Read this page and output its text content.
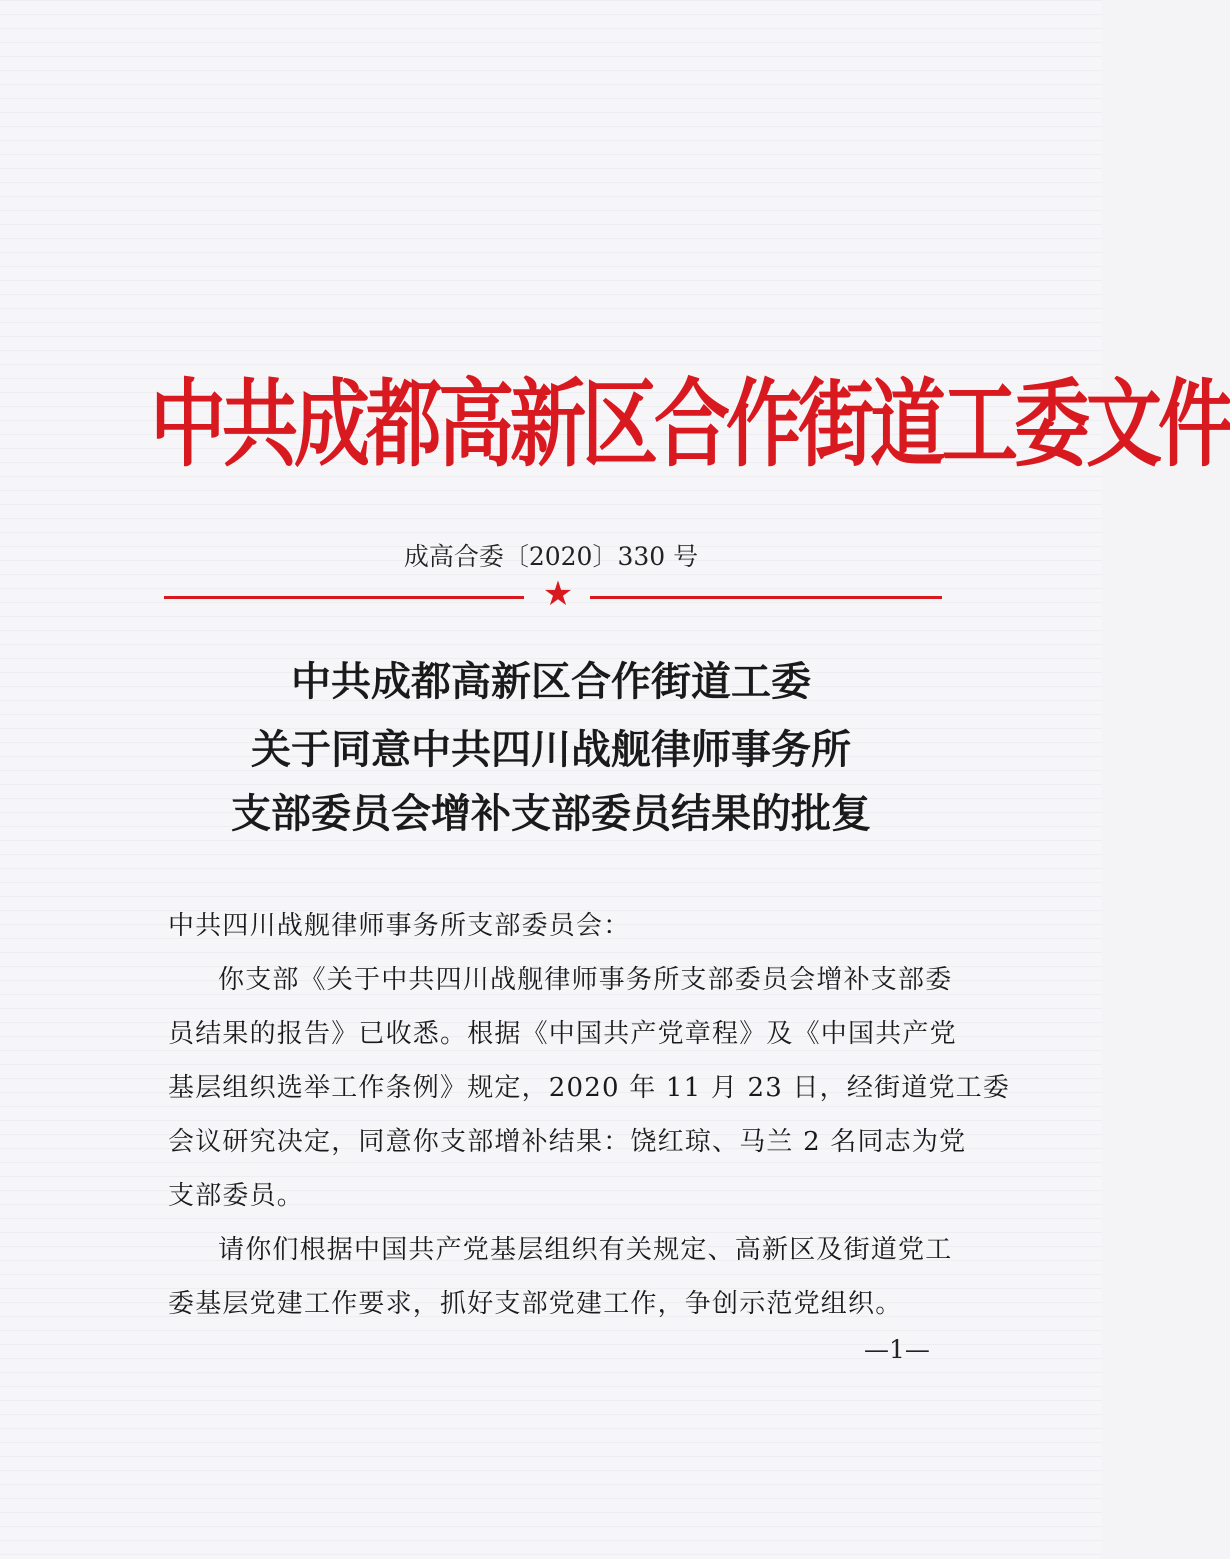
中共成都高新区合作街道工委文件
成高合委〔2020〕330 号
★
中共成都高新区合作街道工委
关于同意中共四川战舰律师事务所
支部委员会增补支部委员结果的批复
中共四川战舰律师事务所支部委员会：
你支部《关于中共四川战舰律师事务所支部委员会增补支部委
员结果的报告》已收悉。根据《中国共产党章程》及《中国共产党
基层组织选举工作条例》规定，2020 年 11 月 23 日，经街道党工委
会议研究决定，同意你支部增补结果：饶红琼、马兰 2 名同志为党
支部委员。
请你们根据中国共产党基层组织有关规定、高新区及街道党工
委基层党建工作要求，抓好支部党建工作，争创示范党组织。
—1—
